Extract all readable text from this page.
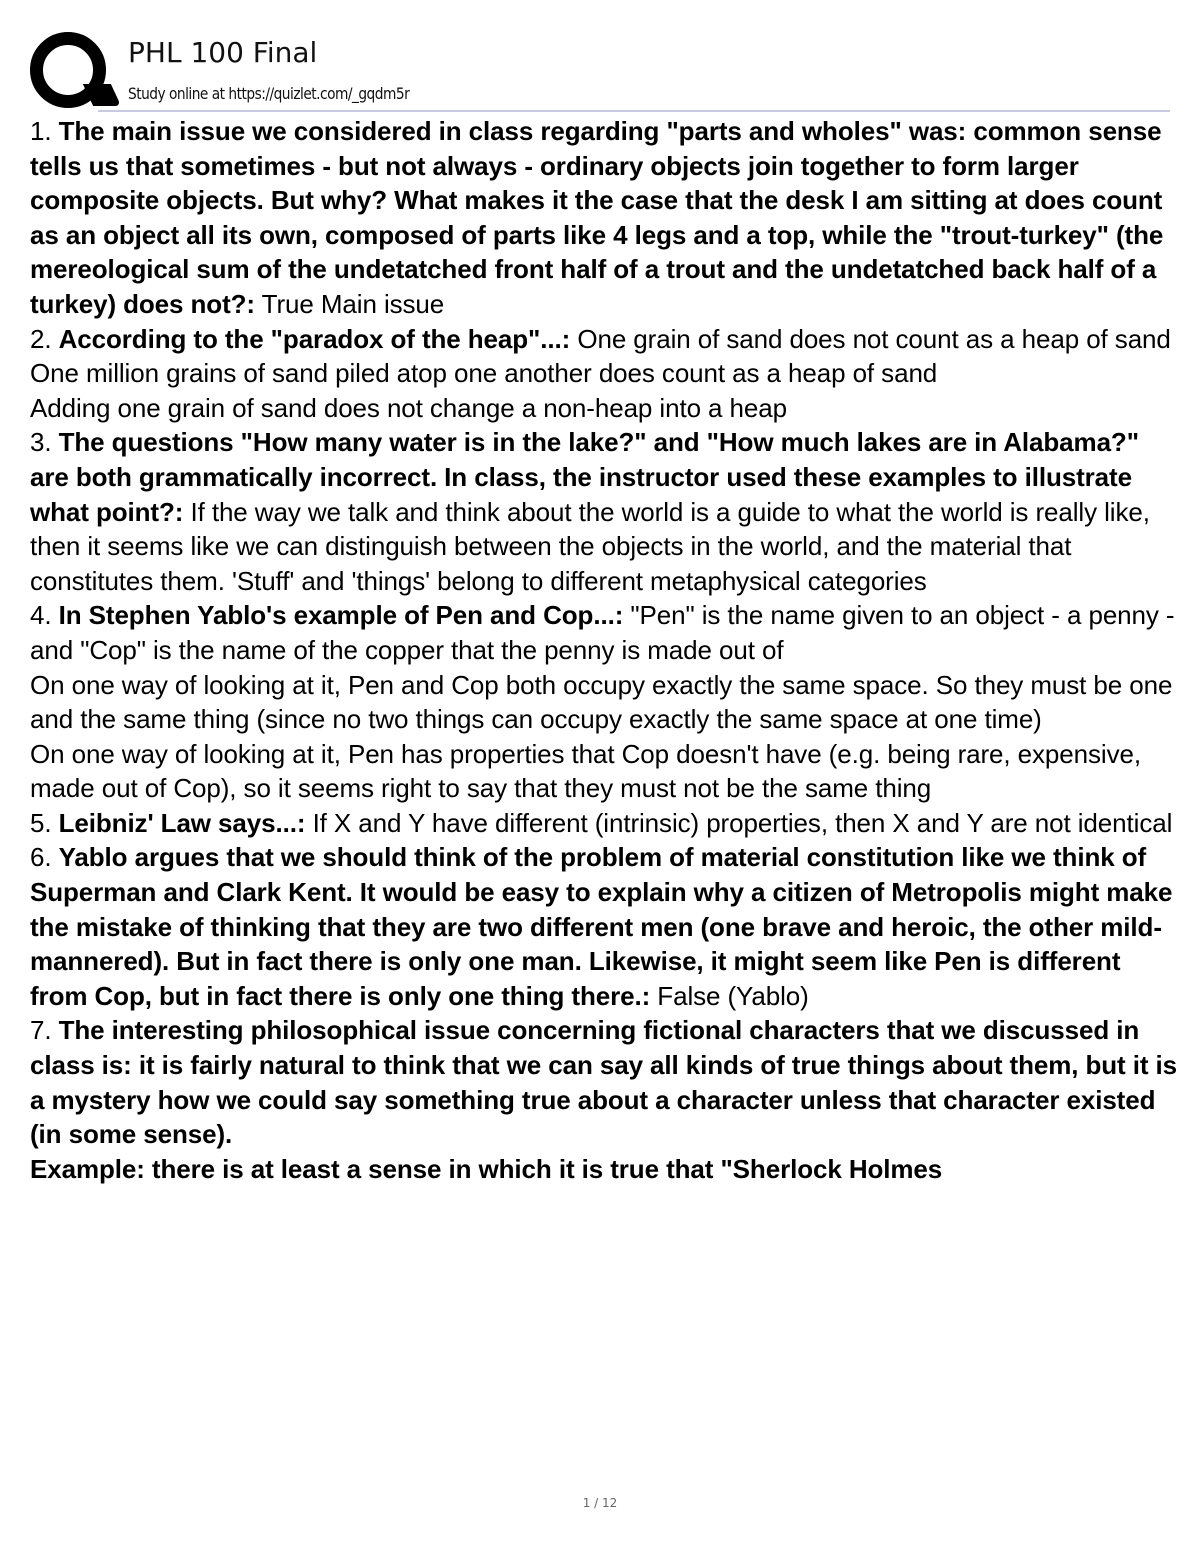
PHL 100 Final
Study online at https://quizlet.com/_gqdm5r

1. The main issue we considered in class regarding "parts and wholes" was: common sense tells us that sometimes - but not always - ordinary objects join together to form larger composite objects. But why? What makes it the case that the desk I am sitting at does count as an object all its own, composed of parts like 4 legs and a top, while the "trout-turkey" (the mereological sum of the undetatched front half of a trout and the undetatched back half of a turkey) does not?: True Main issue

2. According to the "paradox of the heap"...: One grain of sand does not count as a heap of sand
One million grains of sand piled atop one another does count as a heap of sand
Adding one grain of sand does not change a non-heap into a heap

3. The questions "How many water is in the lake?" and "How much lakes are in Alabama?" are both grammatically incorrect. In class, the instructor used these examples to illustrate what point?: If the way we talk and think about the world is a guide to what the world is really like, then it seems like we can distinguish between the objects in the world, and the material that constitutes them. 'Stuff' and 'things' belong to different metaphysical categories

4. In Stephen Yablo's example of Pen and Cop...: "Pen" is the name given to an object - a penny - and "Cop" is the name of the copper that the penny is made out of
On one way of looking at it, Pen and Cop both occupy exactly the same space. So they must be one and the same thing (since no two things can occupy exactly the same space at one time)
On one way of looking at it, Pen has properties that Cop doesn't have (e.g. being rare, expensive, made out of Cop), so it seems right to say that they must not be the same thing

5. Leibniz' Law says...: If X and Y have different (intrinsic) properties, then X and Y are not identical

6. Yablo argues that we should think of the problem of material constitution like we think of Superman and Clark Kent. It would be easy to explain why a citizen of Metropolis might make the mistake of thinking that they are two different men (one brave and heroic, the other mild-mannered). But in fact there is only one man. Likewise, it might seem like Pen is different from Cop, but in fact there is only one thing there.: False (Yablo)

7. The interesting philosophical issue concerning fictional characters that we discussed in class is: it is fairly natural to think that we can say all kinds of true things about them, but it is a mystery how we could say something true about a character unless that character existed (in some sense).
Example: there is at least a sense in which it is true that "Sherlock Holmes

1 / 12
